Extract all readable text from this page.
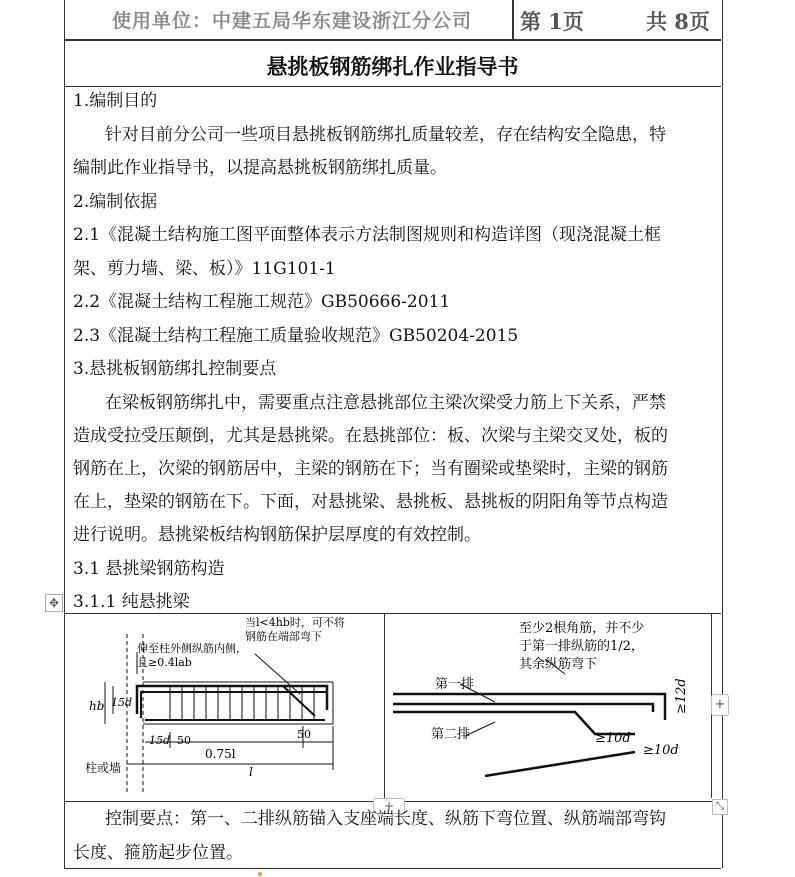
使用单位：中建五局华东建设浙江分公司 第 1页	共 8页
悬挑板钢筋绑扎作业指导书
1.编制目的
针对目前分公司一些项目悬挑板钢筋绑扎质量较差，存在结构安全隐患，特
编制此作业指导书，以提高悬挑板钢筋绑扎质量。
2.编制依据
2.1《混凝土结构施工图平面整体表示方法制图规则和构造详图（现浇混凝土框
架、剪力墙、梁、板）》11G101-1
2.2《混凝土结构工程施工规范》GB50666-2011
2.3《混凝土结构工程施工质量验收规范》GB50204-2015
3.悬挑板钢筋绑扎控制要点
在梁板钢筋绑扎中，需要重点注意悬挑部位主梁次梁受力筋上下关系，严禁
造成受拉受压颠倒，尤其是悬挑梁。在悬挑部位：板、次梁与主梁交叉处，板的
钢筋在上，次梁的钢筋居中，主梁的钢筋在下；当有圈梁或垫梁时，主梁的钢筋
在上，垫梁的钢筋在下。下面，对悬挑梁、悬挑板、悬挑板的阴阳角等节点构造
进行说明。悬挑梁板结构钢筋保护层厚度的有效控制。
3.1 悬挑梁钢筋构造
3.1.1 纯悬挑梁
✥
当l<4hb时，可不将
钢筋在端部弯下
伸至柱外侧纵筋内侧，
且≥0.4lab
hb 15d
15d 50	50
0.75l
l
柱或墙
至少2根角筋，并不少
于第一排纵筋的1/2，
其余纵筋弯下
第一排
第二排
≥12d
≥10d
≥10d
+
+	⤡
控制要点：第一、二排纵筋锚入支座端长度、纵筋下弯位置、纵筋端部弯钩
长度、箍筋起步位置。
